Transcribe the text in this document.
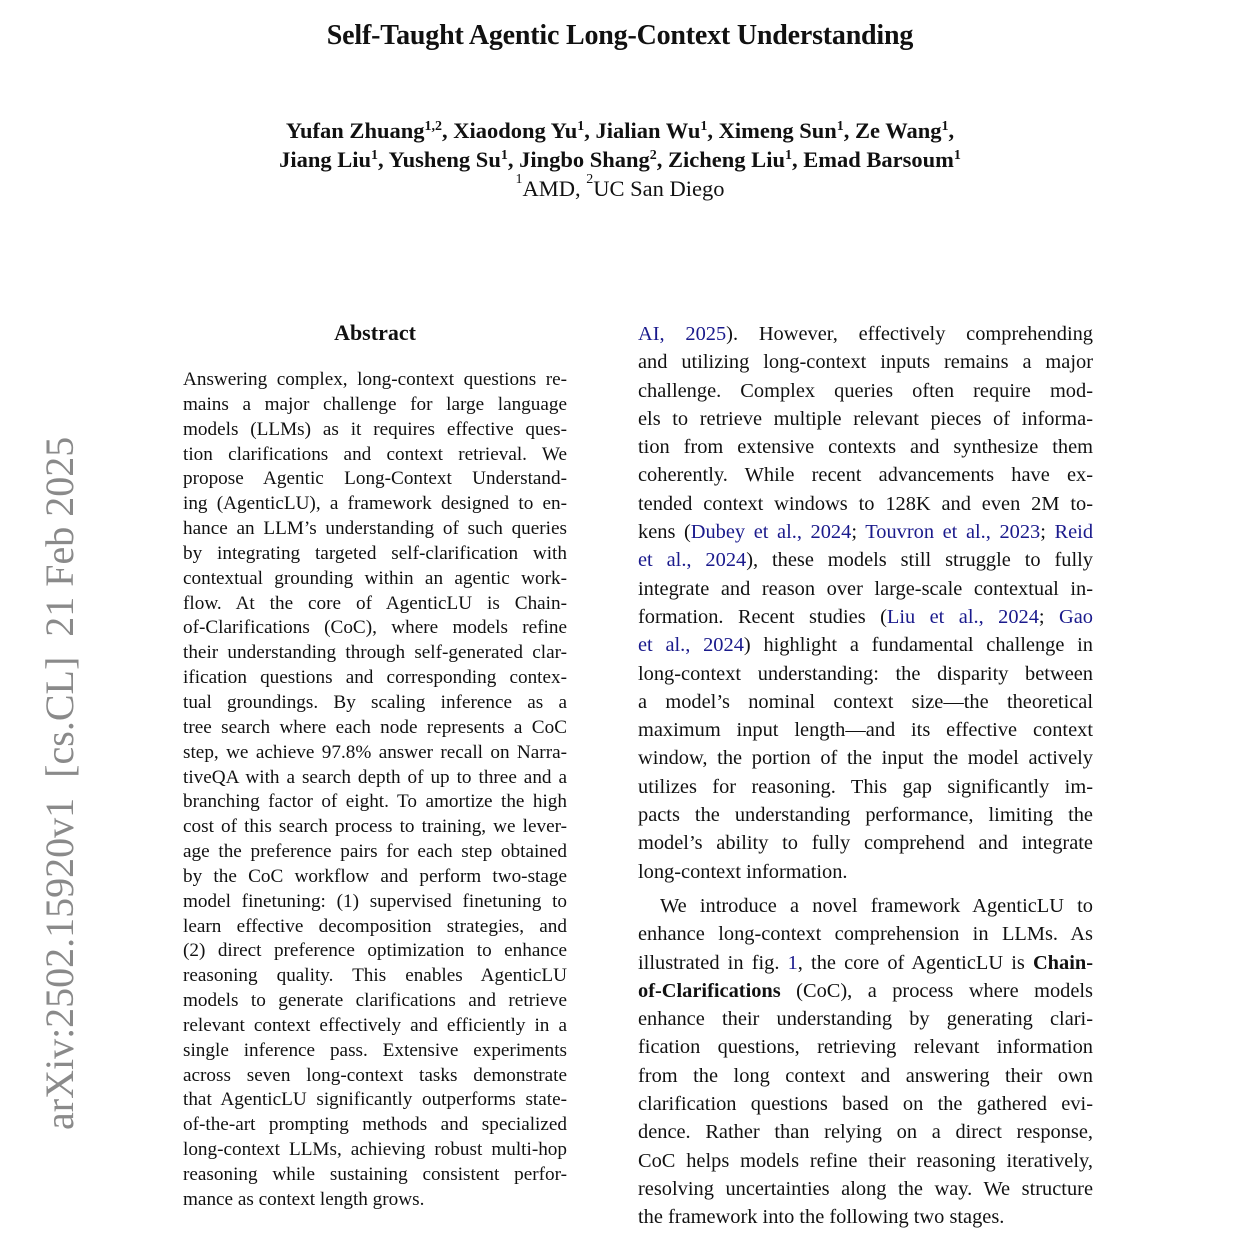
Self-Taught Agentic Long-Context Understanding
Yufan Zhuang$^{1,2}$, Xiaodong Yu$^1$, Jialian Wu$^1$, Ximeng Sun$^1$, Ze Wang$^1$,
Jiang Liu$^1$, Yusheng Su$^1$, Jingbo Shang$^2$, Zicheng Liu$^1$, Emad Barsoum$^1$
$^1$AMD, $^2$UC San Diego
arXiv:2502.15920v1  [cs.CL]  21 Feb 2025
Abstract
Answering complex, long-context questions re-
mains a major challenge for large language
models (LLMs) as it requires effective ques-
tion clarifications and context retrieval. We
propose Agentic Long-Context Understand-
ing (AgenticLU), a framework designed to en-
hance an LLM’s understanding of such queries
by integrating targeted self-clarification with
contextual grounding within an agentic work-
flow. At the core of AgenticLU is Chain-
of-Clarifications (CoC), where models refine
their understanding through self-generated clar-
ification questions and corresponding contex-
tual groundings. By scaling inference as a
tree search where each node represents a CoC
step, we achieve 97.8% answer recall on Narra-
tiveQA with a search depth of up to three and a
branching factor of eight. To amortize the high
cost of this search process to training, we lever-
age the preference pairs for each step obtained
by the CoC workflow and perform two-stage
model finetuning: (1) supervised finetuning to
learn effective decomposition strategies, and
(2) direct preference optimization to enhance
reasoning quality. This enables AgenticLU
models to generate clarifications and retrieve
relevant context effectively and efficiently in a
single inference pass. Extensive experiments
across seven long-context tasks demonstrate
that AgenticLU significantly outperforms state-
of-the-art prompting methods and specialized
long-context LLMs, achieving robust multi-hop
reasoning while sustaining consistent perfor-
mance as context length grows.
AI, 2025). However, effectively comprehending
and utilizing long-context inputs remains a major
challenge. Complex queries often require mod-
els to retrieve multiple relevant pieces of informa-
tion from extensive contexts and synthesize them
coherently. While recent advancements have ex-
tended context windows to 128K and even 2M to-
kens (Dubey et al., 2024; Touvron et al., 2023; Reid
et al., 2024), these models still struggle to fully
integrate and reason over large-scale contextual in-
formation. Recent studies (Liu et al., 2024; Gao
et al., 2024) highlight a fundamental challenge in
long-context understanding: the disparity between
a model’s nominal context size—the theoretical
maximum input length—and its effective context
window, the portion of the input the model actively
utilizes for reasoning. This gap significantly im-
pacts the understanding performance, limiting the
model’s ability to fully comprehend and integrate
long-context information.
We introduce a novel framework AgenticLU to
enhance long-context comprehension in LLMs. As
illustrated in fig. 1, the core of AgenticLU is Chain-
of-Clarifications (CoC), a process where models
enhance their understanding by generating clari-
fication questions, retrieving relevant information
from the long context and answering their own
clarification questions based on the gathered evi-
dence. Rather than relying on a direct response,
CoC helps models refine their reasoning iteratively,
resolving uncertainties along the way. We structure
the framework into the following two stages.
